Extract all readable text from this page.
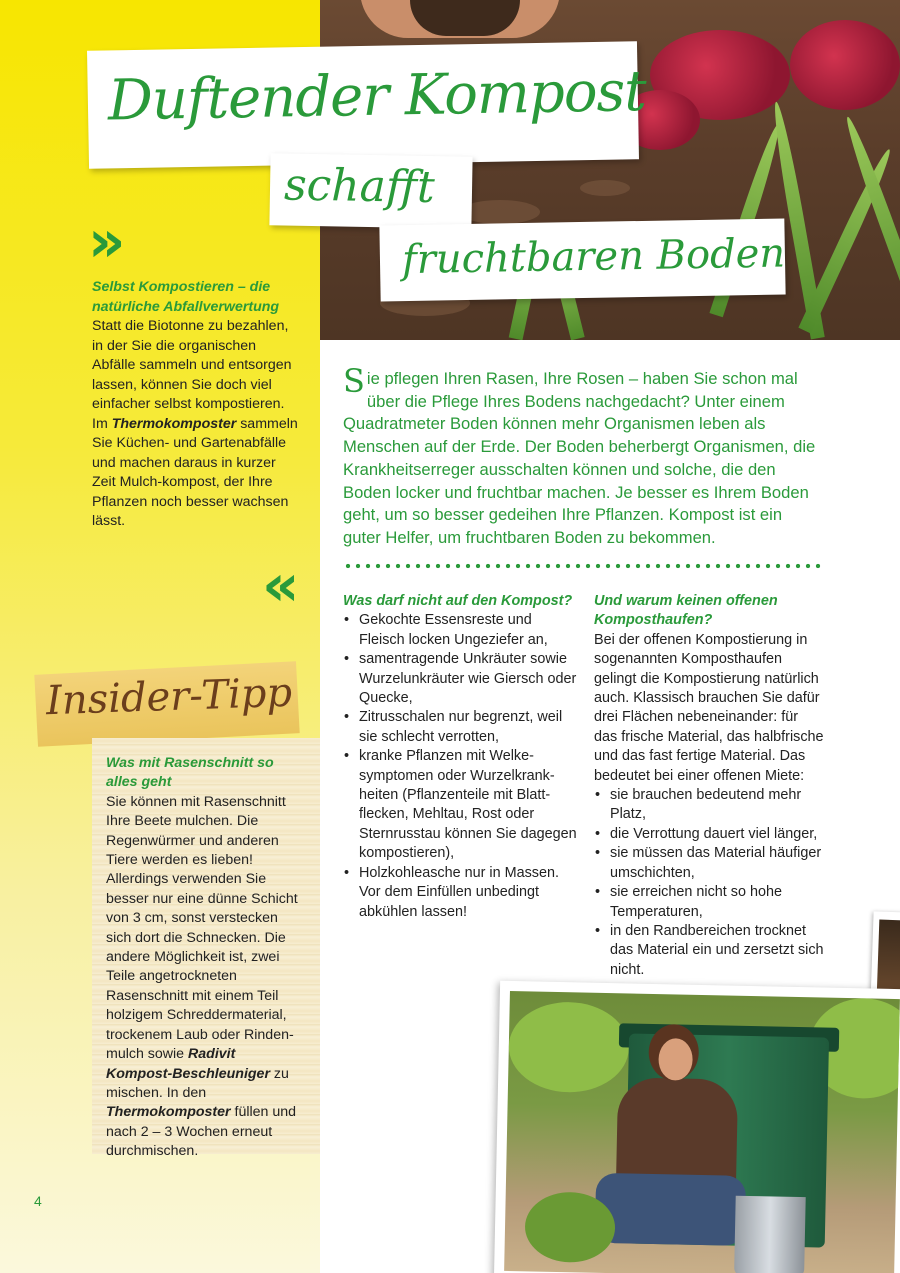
Duftender Kompost
schafft
fruchtbaren Boden
»
«
Selbst Kompostieren – die natürliche Abfallverwertung
Statt die Biotonne zu bezahlen, in der Sie die organischen Abfälle sammeln und entsorgen lassen, können Sie doch viel einfacher selbst kompostieren. Im Thermokomposter sammeln Sie Küchen- und Gartenabfälle und machen daraus in kurzer Zeit Mulch-kompost, der Ihre Pflanzen noch besser wachsen lässt.
Sie pflegen Ihren Rasen, Ihre Rosen – haben Sie schon mal über die Pflege Ihres Bodens nachgedacht? Unter einem Quadratmeter Boden können mehr Organismen leben als Menschen auf der Erde. Der Boden beherbergt Organismen, die Krankheitserreger ausschalten können und solche, die den Boden locker und fruchtbar machen. Je besser es Ihrem Boden geht, um so besser gedeihen Ihre Pflanzen. Kompost ist ein guter Helfer, um fruchtbaren Boden zu bekommen.
Was darf nicht auf den Kompost?
• Gekochte Essensreste und Fleisch locken Ungeziefer an,
• samentragende Unkräuter sowie Wurzelunkräuter wie Giersch oder Quecke,
• Zitrusschalen nur begrenzt, weil sie schlecht verrotten,
• kranke Pflanzen mit Welkesymptomen oder Wurzelkrankheiten (Pflanzenteile mit Blattflecken, Mehltau, Rost oder Sternrusstau können Sie dagegen kompostieren),
• Holzkohleasche nur in Massen. Vor dem Einfüllen unbedingt abkühlen lassen!
Und warum keinen offenen Komposthaufen?
Bei der offenen Kompostierung in sogenannten Komposthaufen gelingt die Kompostierung natürlich auch. Klassisch brauchen Sie dafür drei Flächen nebeneinander: für das frische Material, das halbfrische und das fast fertige Material. Das bedeutet bei einer offenen Miete:
• sie brauchen bedeutend mehr Platz,
• die Verrottung dauert viel länger,
• sie müssen das Material häufiger umschichten,
• sie erreichen nicht so hohe Temperaturen,
• in den Randbereichen trocknet das Material ein und zersetzt sich nicht.
Insider-Tipp
Was mit Rasenschnitt so alles geht
Sie können mit Rasenschnitt Ihre Beete mulchen. Die Regenwürmer und anderen Tiere werden es lieben! Allerdings verwenden Sie besser nur eine dünne Schicht von 3 cm, sonst verstecken sich dort die Schnecken. Die andere Möglichkeit ist, zwei Teile angetrockneten Rasenschnitt mit einem Teil holzigem Schreddermaterial, trockenem Laub oder Rindenmulch sowie Radivit Kompost-Beschleuniger zu mischen. In den Thermokomposter füllen und nach 2 – 3 Wochen erneut durchmischen.
4
